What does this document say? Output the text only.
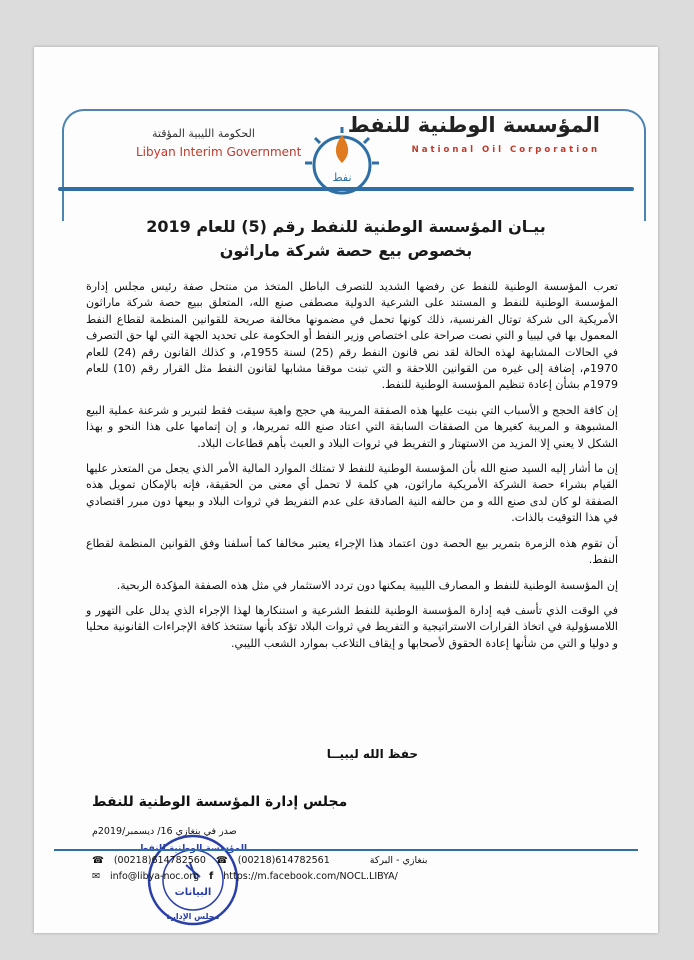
المؤسسة الوطنية للنفط
National Oil Corporation
الحكومة الليبية المؤقتة
Libyan Interim Government
نفط
بيـان المؤسسة الوطنية للنفط رقم (5) للعام 2019
بخصوص بيع حصة شركة ماراثون

تعرب المؤسسة الوطنية للنفط عن رفضها الشديد للتصرف الباطل المتخذ من منتحل صفة رئيس مجلس إدارة المؤسسة الوطنية للنفط و المستند على الشرعية الدولية مصطفى صنع الله، المتعلق ببيع حصة شركة ماراثون الأمريكية الى شركة توتال الفرنسية، ذلك كونها تحمل في مضمونها مخالفة صريحة للقوانين المنظمة لقطاع النفط المعمول بها في ليبيا و التي نصت صراحة على اختصاص وزير النفط أو الحكومة على تحديد الجهة التي لها حق التصرف في الحالات المشابهة لهذه الحالة لقد نص قانون النفط رقم (25) لسنة 1955م، و كذلك القانون رقم (24) للعام 1970م، إضافة إلى غيره من القوانين اللاحقة و التي تبنت موقفا مشابها لقانون النفط مثل القرار رقم (10) للعام 1979م بشأن إعادة تنظيم المؤسسة الوطنية للنفط.

إن كافة الحجج و الأسباب التي بنيت عليها هذه الصفقة المريبة هي حجج واهية سيقت فقط لتبرير و شرعنة عملية البيع المشبوهة و المريبة كغيرها من الصفقات السابقة التي اعتاد صنع الله تمريرها، و إن إتمامها على هذا النحو و بهذا الشكل لا يعني إلا المزيد من الاستهتار و التفريط في ثروات البلاد و العبث بأهم قطاعات البلاد.

إن ما أشار إليه السيد صنع الله بأن المؤسسة الوطنية للنفط لا تمتلك الموارد المالية الأمر الذي يجعل من المتعذر عليها القيام بشراء حصة الشركة الأمريكية ماراثون، هي كلمة لا تحمل أي معنى من الحقيقة، فإنه بالإمكان تمويل هذه الصفقة لو كان لدى صنع الله و من حالفه النية الصادقة على عدم التفريط في ثروات البلاد و بيعها دون مبرر اقتصادي في هذا التوقيت بالذات.

أن تقوم هذه الزمرة بتمرير بيع الحصة دون اعتماد هذا الإجراء يعتبر مخالفا كما أسلفنا وفق القوانين المنظمة لقطاع النفط.

إن المؤسسة الوطنية للنفط و المصارف الليبية يمكنها دون تردد الاستثمار في مثل هذه الصفقة المؤكدة الربحية.

في الوقت الذي تأسف فيه إدارة المؤسسة الوطنية للنفط الشرعية و استنكارها لهذا الإجراء الذي يدلل على التهور و اللامسؤولية في اتخاذ القرارات الاستراتيجية و التفريط في ثروات البلاد تؤكد بأنها ستتخذ كافة الإجراءات القانونية محليا و دوليا و التي من شأنها إعادة الحقوق لأصحابها و إيقاف التلاعب بموارد الشعب الليبي.

حفظ الله ليبيــا
مجلس إدارة المؤسسة الوطنية للنفط
صدر في بنغازي 16/ ديسمبر/2019م
البيانات
مجلس الإدارة
☎ (00218)614782560 ☎ (00218)614782561	بنغازي - البركة
✉ info@libya-noc.org f https://m.facebook.com/NOCL.LIBYA/
